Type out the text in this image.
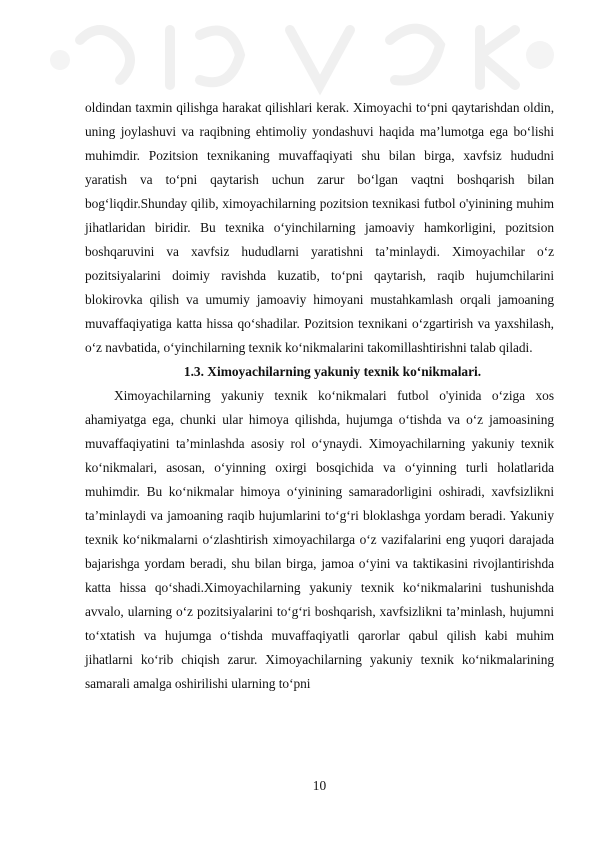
oldindan taxmin qilishga harakat qilishlari kerak. Ximoyachi to‘pni qaytarishdan oldin, uning joylashuvi va raqibning ehtimoliy yondashuvi haqida ma’lumotga ega bo‘lishi muhimdir. Pozitsion texnikaning muvaffaqiyati shu bilan birga, xavfsiz hududni yaratish va to‘pni qaytarish uchun zarur bo‘lgan vaqtni boshqarish bilan bog‘liqdir.Shunday qilib, ximoyachilarning pozitsion texnikasi futbol o'yinining muhim jihatlaridan biridir. Bu texnika o‘yinchilarning jamoaviy hamkorligini, pozitsion boshqaruvini va xavfsiz hududlarni yaratishni ta’minlaydi. Ximoyachilar o‘z pozitsiyalarini doimiy ravishda kuzatib, to‘pni qaytarish, raqib hujumchilarini blokirovka qilish va umumiy jamoaviy himoyani mustahkamlash orqali jamoaning muvaffaqiyatiga katta hissa qo‘shadilar. Pozitsion texnikani o‘zgartirish va yaxshilash, o‘z navbatida, o‘yinchilarning texnik ko‘nikmalarini takomillashtirishni talab qiladi.

1.3. Ximoyachilarning yakuniy texnik ko‘nikmalari.

Ximoyachilarning yakuniy texnik ko‘nikmalari futbol o'yinida o‘ziga xos ahamiyatga ega, chunki ular himoya qilishda, hujumga o‘tishda va o‘z jamoasining muvaffaqiyatini ta’minlashda asosiy rol o‘ynaydi. Ximoyachilarning yakuniy texnik ko‘nikmalari, asosan, o‘yinning oxirgi bosqichida va o‘yinning turli holatlarida muhimdir. Bu ko‘nikmalar himoya o‘yinining samaradorligini oshiradi, xavfsizlikni ta’minlaydi va jamoaning raqib hujumlarini to‘g‘ri bloklashga yordam beradi. Yakuniy texnik ko‘nikmalarni o‘zlashtirish ximoyachilarga o‘z vazifalarini eng yuqori darajada bajarishga yordam beradi, shu bilan birga, jamoa o‘yini va taktikasini rivojlantirishda katta hissa qo‘shadi.Ximoyachilarning yakuniy texnik ko‘nikmalarini tushunishda avvalo, ularning o‘z pozitsiyalarini to‘g‘ri boshqarish, xavfsizlikni ta’minlash, hujumni to‘xtatish va hujumga o‘tishda muvaffaqiyatli qarorlar qabul qilish kabi muhim jihatlarni ko‘rib chiqish zarur. Ximoyachilarning yakuniy texnik ko‘nikmalarining samarali amalga oshirilishi ularning to‘pni

10
